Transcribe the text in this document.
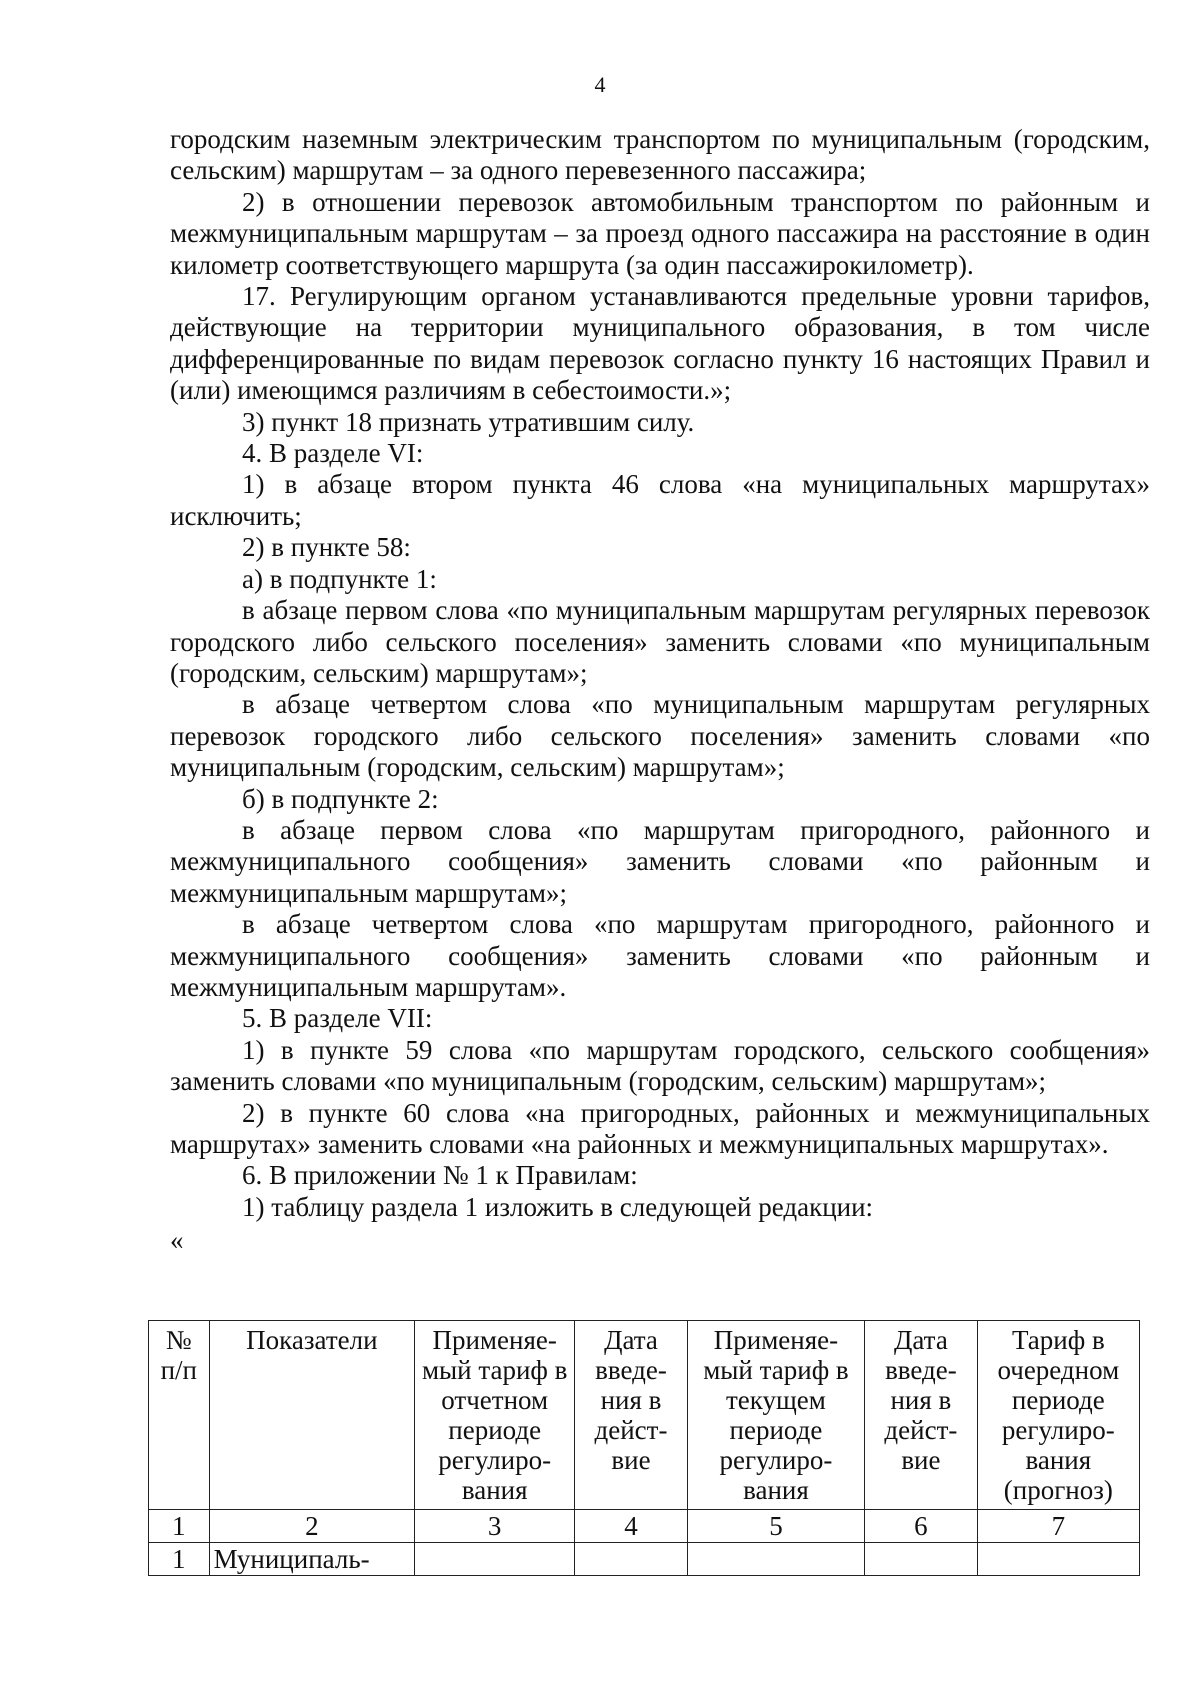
4

городским наземным электрическим транспортом по муниципальным (городским, сельским) маршрутам – за одного перевезенного пассажира;

2) в отношении перевозок автомобильным транспортом по районным и межмуниципальным маршрутам – за проезд одного пассажира на расстояние в один километр соответствующего маршрута (за один пассажирокилометр).

17. Регулирующим органом устанавливаются предельные уровни тарифов, действующие на территории муниципального образования, в том числе дифференцированные по видам перевозок согласно пункту 16 настоящих Правил и (или) имеющимся различиям в себестоимости.»;

3) пункт 18 признать утратившим силу.

4. В разделе VI:

1) в абзаце втором пункта 46 слова «на муниципальных маршрутах» исключить;

2) в пункте 58:

а) в подпункте 1:

в абзаце первом слова «по муниципальным маршрутам регулярных перевозок городского либо сельского поселения» заменить словами «по муниципальным (городским, сельским) маршрутам»;

в абзаце четвертом слова «по муниципальным маршрутам регулярных перевозок городского либо сельского поселения» заменить словами «по муниципальным (городским, сельским) маршрутам»;

б) в подпункте 2:

в абзаце первом слова «по маршрутам пригородного, районного и межмуниципального сообщения» заменить словами «по районным и межмуниципальным маршрутам»;

в абзаце четвертом слова «по маршрутам пригородного, районного и межмуниципального сообщения» заменить словами «по районным и межмуниципальным маршрутам».

5. В разделе VII:

1) в пункте 59 слова «по маршрутам городского, сельского сообщения» заменить словами «по муниципальным (городским, сельским) маршрутам»;

2) в пункте 60 слова «на пригородных, районных и межмуниципальных маршрутах» заменить словами «на районных и межмуниципальных маршрутах».

6. В приложении № 1 к Правилам:

1) таблицу раздела 1 изложить в следующей редакции:

«

№ п/п	Показатели	Применяе-мый тариф в отчетном периоде регулиро-вания	Дата введе-ния в дейст-вие	Применяе-мый тариф в текущем периоде регулиро-вания	Дата введе-ния в дейст-вие	Тариф в очередном периоде регулиро-вания (прогноз)
1	2	3	4	5	6	7
1	Муниципаль-					
